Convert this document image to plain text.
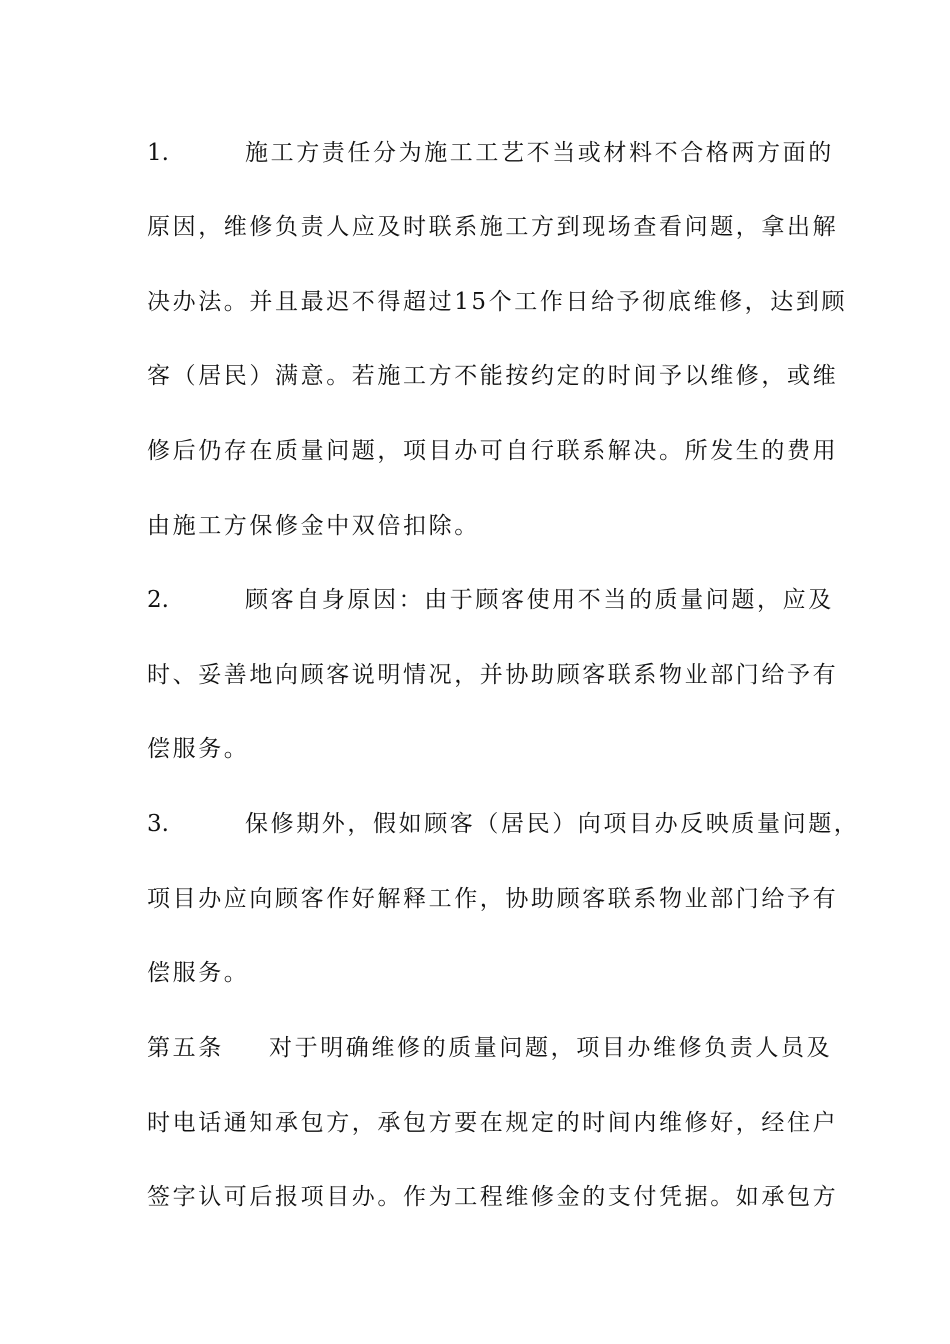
1.	施工方责任分为施工工艺不当或材料不合格两方面的
原因，维修负责人应及时联系施工方到现场查看问题，拿出解
决办法。并且最迟不得超过15个工作日给予彻底维修，达到顾
客（居民）满意。若施工方不能按约定的时间予以维修，或维
修后仍存在质量问题，项目办可自行联系解决。所发生的费用
由施工方保修金中双倍扣除。
2.	顾客自身原因：由于顾客使用不当的质量问题，应及
时、妥善地向顾客说明情况，并协助顾客联系物业部门给予有
偿服务。
3.	保修期外，假如顾客（居民）向项目办反映质量问题，
项目办应向顾客作好解释工作，协助顾客联系物业部门给予有
偿服务。
第五条 对于明确维修的质量问题，项目办维修负责人员及
时电话通知承包方，承包方要在规定的时间内维修好，经住户
签字认可后报项目办。作为工程维修金的支付凭据。如承包方
